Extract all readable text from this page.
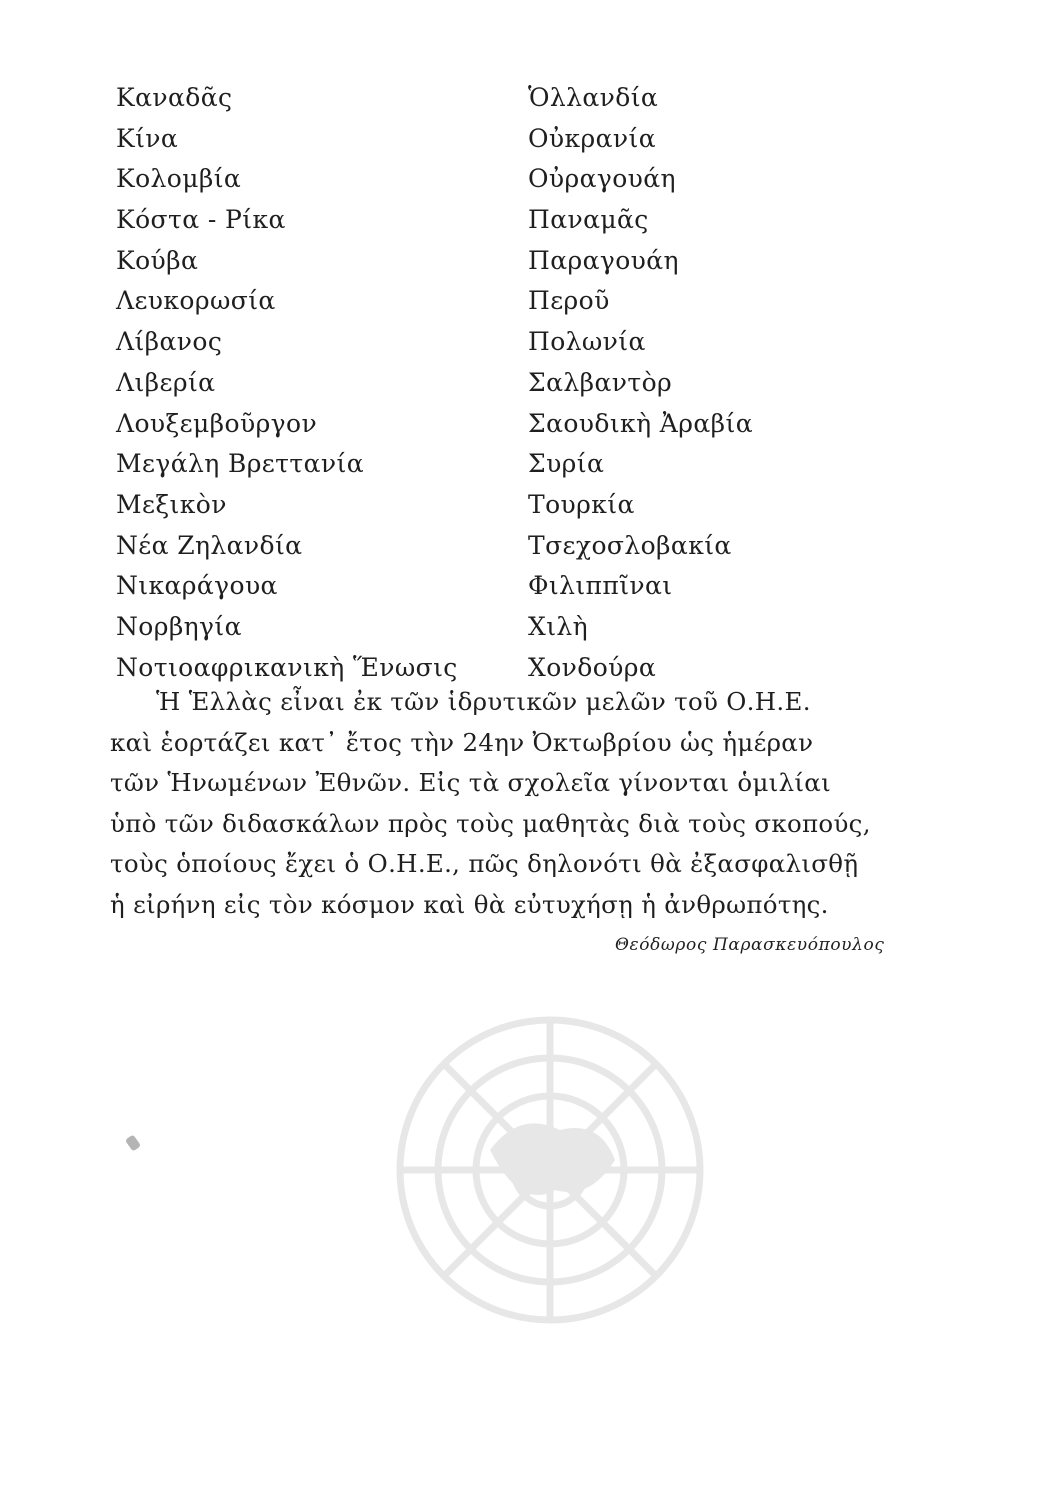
Καναδᾶς
Κίνα
Κολομβία
Κόστα - Ρίκα
Κούβα
Λευκορωσία
Λίβανος
Λιβερία
Λουξεμβοῦργον
Μεγάλη Βρεττανία
Μεξικὸν
Νέα Ζηλανδία
Νικαράγουα
Νορβηγία
Νοτιοαφρικανικὴ Ἕνωσις
Ὁλλανδία
Οὐκρανία
Οὐραγουάη
Παναμᾶς
Παραγουάη
Περοῦ
Πολωνία
Σαλβαντὸρ
Σαουδικὴ Ἀραβία
Συρία
Τουρκία
Τσεχοσλοβακία
Φιλιππῖναι
Χιλὴ
Χονδούρα
Ἡ Ἑλλὰς εἶναι ἐκ τῶν ἱδρυτικῶν μελῶν τοῦ Ο.Η.Ε.
καὶ ἑορτάζει κατ᾽ ἔτος τὴν 24ην Ὀκτωβρίου ὡς ἡμέραν
τῶν Ἡνωμένων Ἐθνῶν. Εἰς τὰ σχολεῖα γίνονται ὁμιλίαι
ὑπὸ τῶν διδασκάλων πρὸς τοὺς μαθητὰς διὰ τοὺς σκοπούς,
τοὺς ὁποίους ἔχει ὁ Ο.Η.Ε., πῶς δηλονότι θὰ ἐξασφαλισθῇ
ἡ εἰρήνη εἰς τὸν κόσμον καὶ θὰ εὐτυχήσῃ ἡ ἀνθρωπότης.
Θεόδωρος Παρασκευόπουλος
